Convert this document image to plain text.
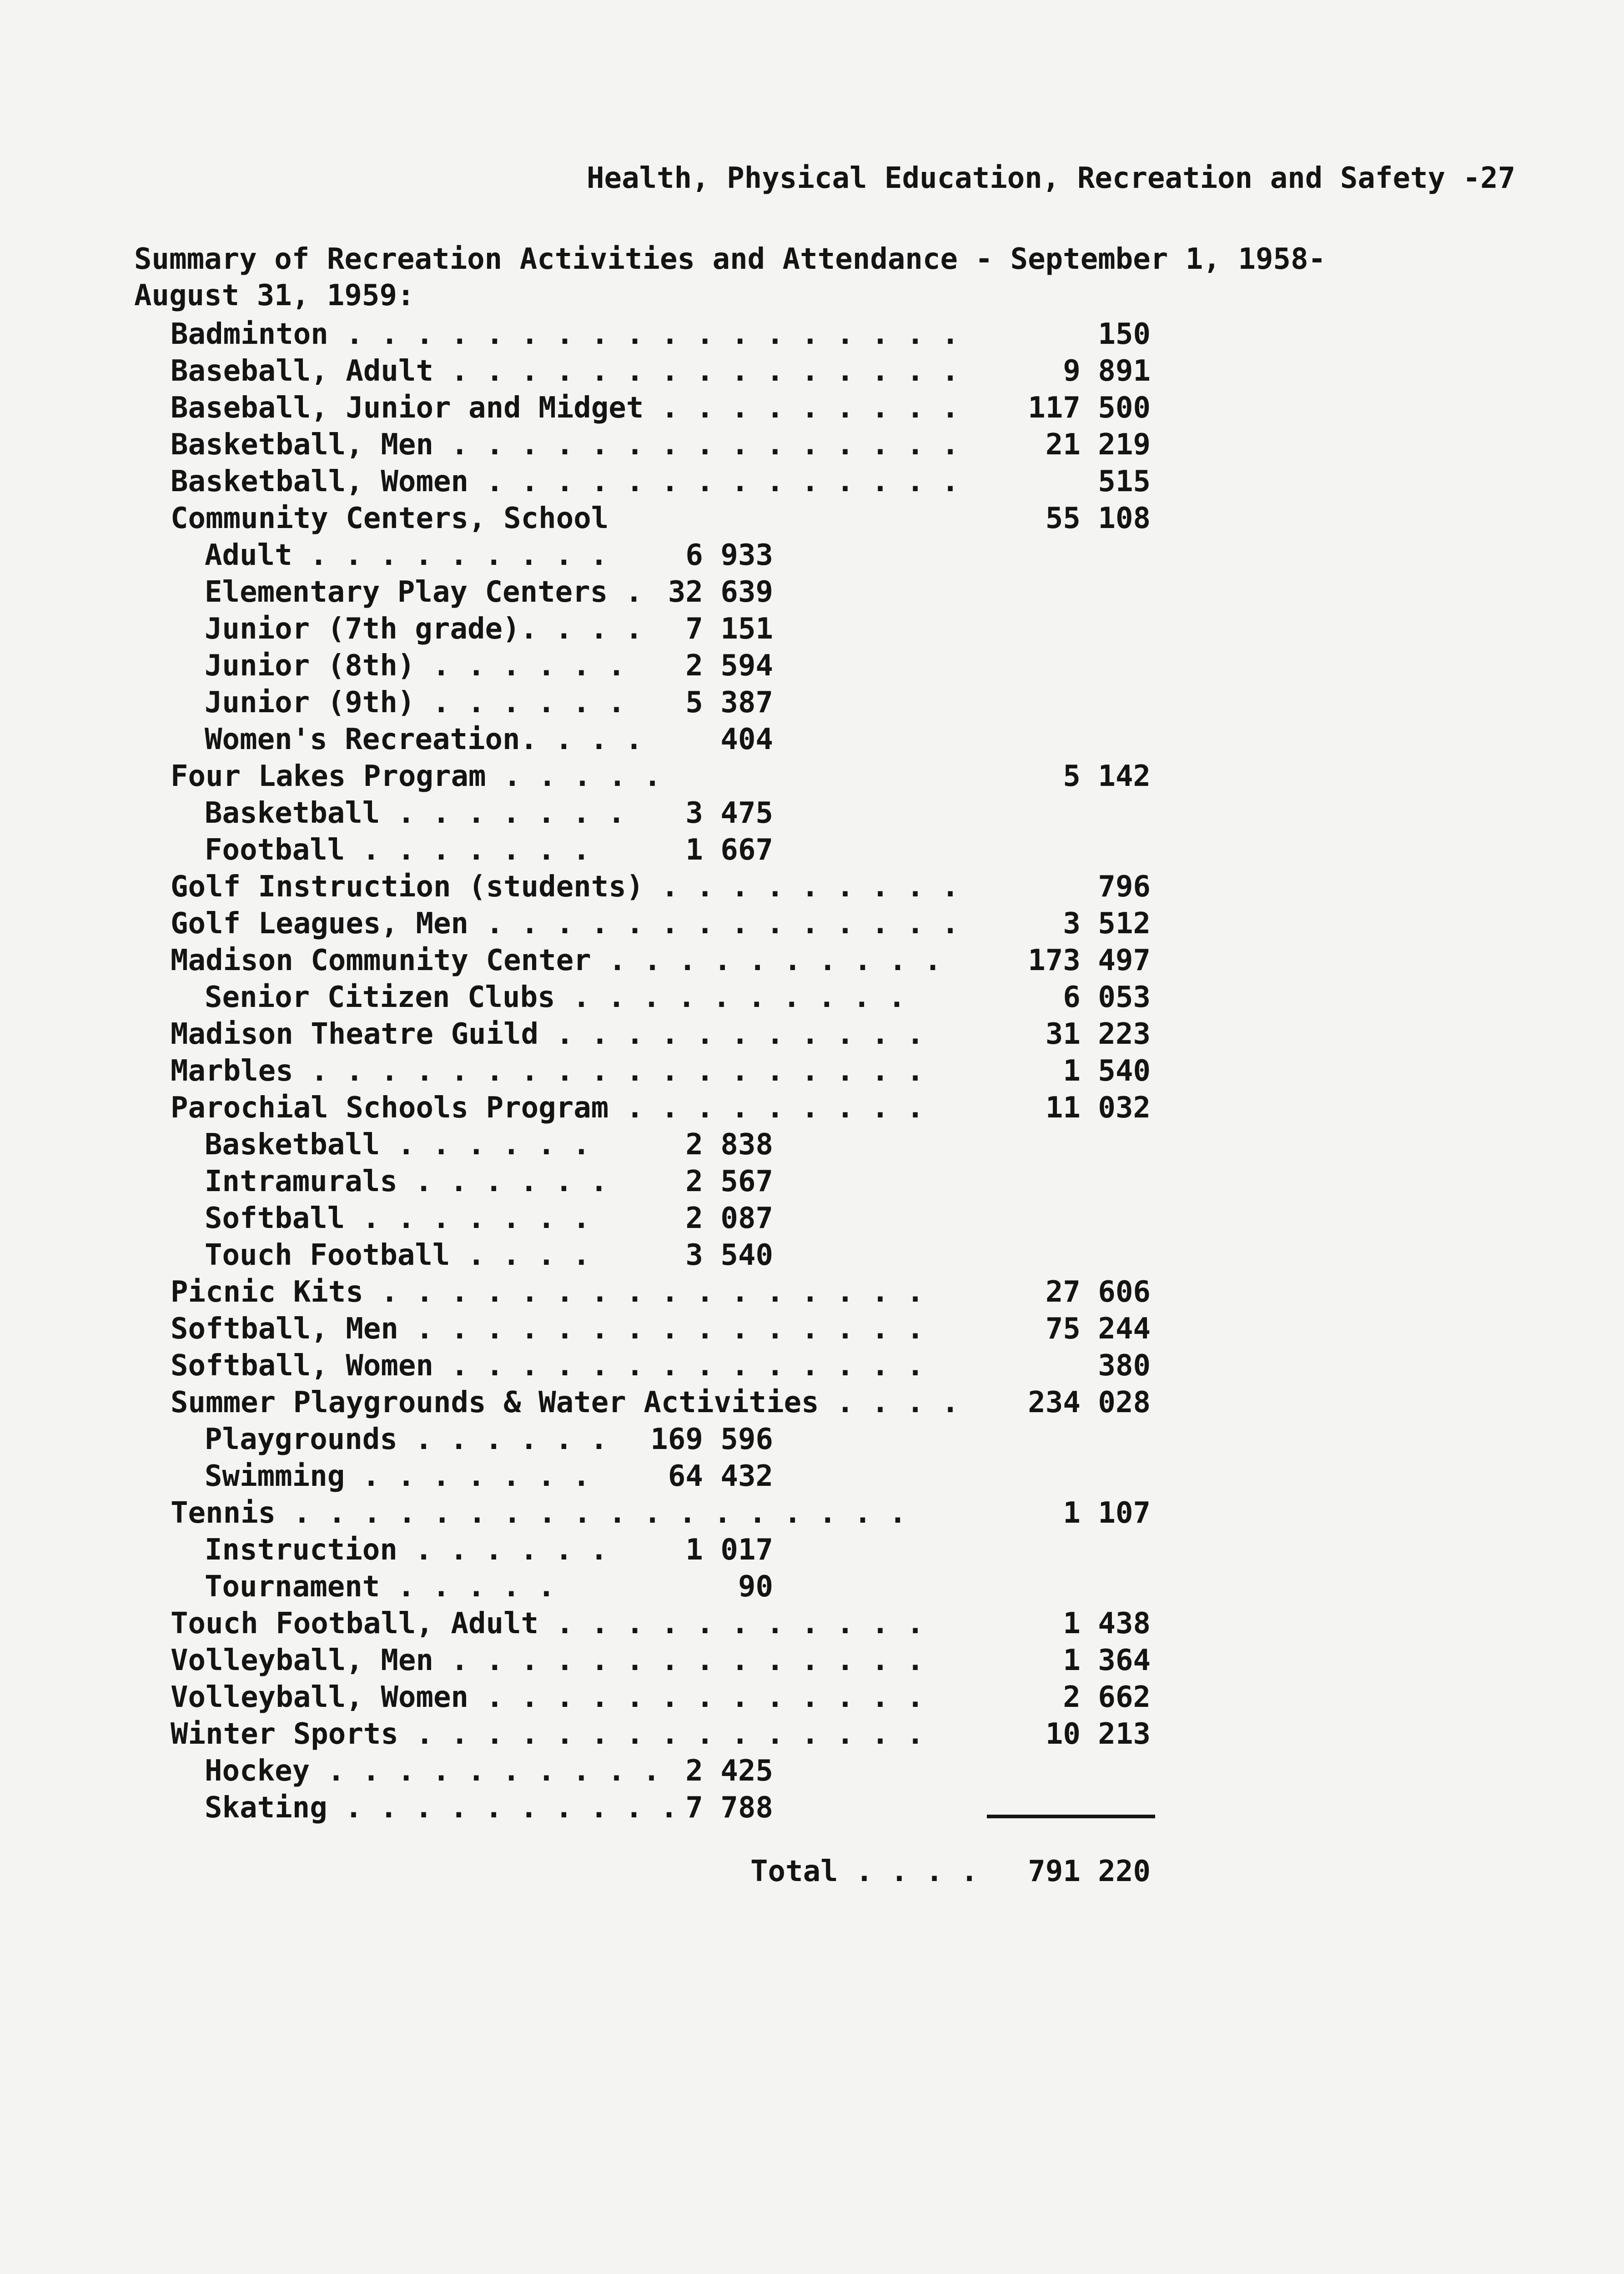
Health, Physical Education, Recreation and Safety -27
Summary of Recreation Activities and Attendance - September 1, 1958-
August 31, 1959:
Badminton . . . . . . . . . . . . . . . . . .	150
Baseball, Adult . . . . . . . . . . . . . . .	9 891
Baseball, Junior and Midget . . . . . . . . .	117 500
Basketball, Men . . . . . . . . . . . . . . .	21 219
Basketball, Women . . . . . . . . . . . . . .	515
Community Centers, School	55 108
Adult . . . . . . . . .	6 933
Elementary Play Centers . 32 639
Junior (7th grade). . . .	7 151
Junior (8th) . . . . . .	2 594
Junior (9th) . . . . . .	5 387
Women's Recreation. . . .	404
Four Lakes Program . . . . .	5 142
Basketball . . . . . . .	3 475
Football . . . . . . .	1 667
Golf Instruction (students) . . . . . . . . .	796
Golf Leagues, Men . . . . . . . . . . . . . .	3 512
Madison Community Center . . . . . . . . . .	173 497
Senior Citizen Clubs . . . . . . . . . .	6 053
Madison Theatre Guild . . . . . . . . . . .	31 223
Marbles . . . . . . . . . . . . . . . . . .	1 540
Parochial Schools Program . . . . . . . . .	11 032
Basketball . . . . . .	2 838
Intramurals . . . . . .	2 567
Softball . . . . . . .	2 087
Touch Football . . . .	3 540
Picnic Kits . . . . . . . . . . . . . . . .	27 606
Softball, Men . . . . . . . . . . . . . . .	75 244
Softball, Women . . . . . . . . . . . . . .	380
Summer Playgrounds & Water Activities . . . .	234 028
Playgrounds . . . . . .	169 596
Swimming . . . . . . .	64 432
Tennis . . . . . . . . . . . . . . . . . .	1 107
Instruction . . . . . .	1 017
Tournament . . . . .	90
Touch Football, Adult . . . . . . . . . . .	1 438
Volleyball, Men . . . . . . . . . . . . . .	1 364
Volleyball, Women . . . . . . . . . . . . .	2 662
Winter Sports . . . . . . . . . . . . . . .	10 213
Hockey . . . . . . . . . . 2 425
Skating . . . . . . . . . . 7 788
Total . . . .	791 220
